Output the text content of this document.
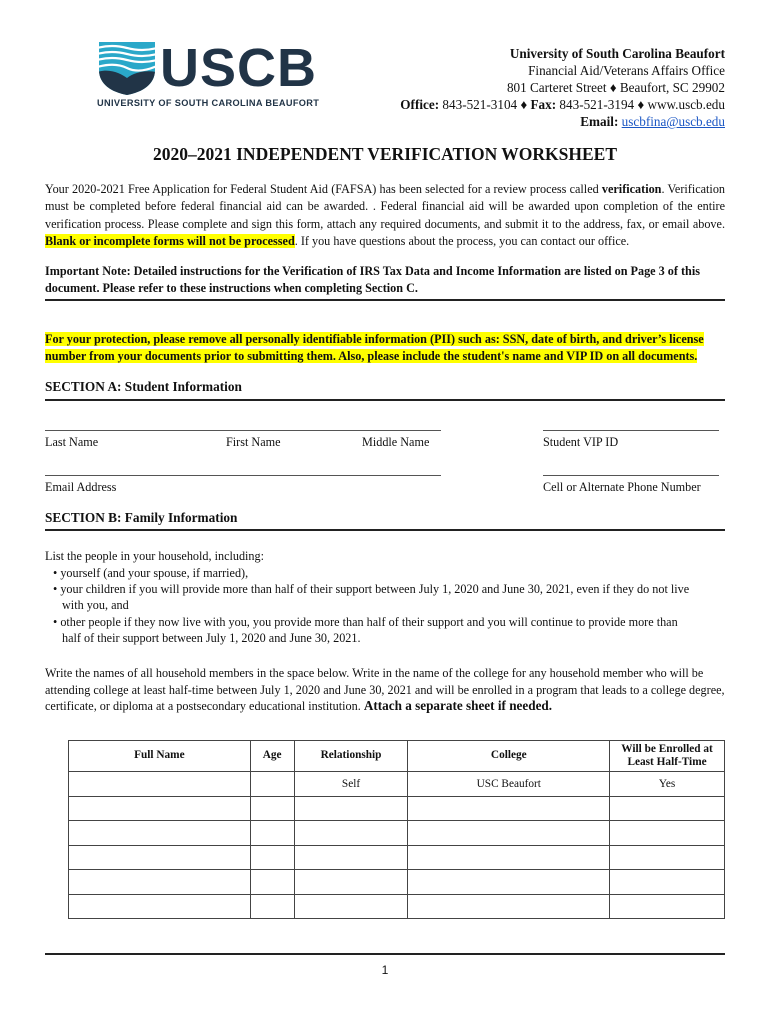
USCB
UNIVERSITY OF SOUTH CAROLINA BEAUFORT
University of South Carolina Beaufort
Financial Aid/Veterans Affairs Office
801 Carteret Street ♦ Beaufort, SC 29902
Office: 843-521-3104 ♦ Fax: 843-521-3194 ♦ www.uscb.edu
Email: uscbfina@uscb.edu
2020–2021 INDEPENDENT VERIFICATION WORKSHEET
Your 2020-2021 Free Application for Federal Student Aid (FAFSA) has been selected for a review process called verification. Verification must be completed before federal financial aid can be awarded. . Federal financial aid will be awarded upon completion of the entire verification process. Please complete and sign this form, attach any required documents, and submit it to the address, fax, or email above. Blank or incomplete forms will not be processed. If you have questions about the process, you can contact our office.
Important Note: Detailed instructions for the Verification of IRS Tax Data and Income Information are listed on Page 3 of this document. Please refer to these instructions when completing Section C.
For your protection, please remove all personally identifiable information (PII) such as: SSN, date of birth, and driver’s license number from your documents prior to submitting them. Also, please include the student's name and VIP ID on all documents.
SECTION A: Student Information
Last Name	First Name	Middle Name	Student VIP ID
Email Address	Cell or Alternate Phone Number
SECTION B: Family Information
List the people in your household, including:
• yourself (and your spouse, if married),
• your children if you will provide more than half of their support between July 1, 2020 and June 30, 2021, even if they do not live
with you, and
• other people if they now live with you, you provide more than half of their support and you will continue to provide more than
half of their support between July 1, 2020 and June 30, 2021.
Write the names of all household members in the space below. Write in the name of the college for any household member who will be attending college at least half-time between July 1, 2020 and June 30, 2021 and will be enrolled in a program that leads to a college degree, certificate, or diploma at a postsecondary educational institution. Attach a separate sheet if needed.
Full Name	Age	Relationship	College	Will be Enrolled at Least Half-Time
		Self	USC Beaufort	Yes

1
